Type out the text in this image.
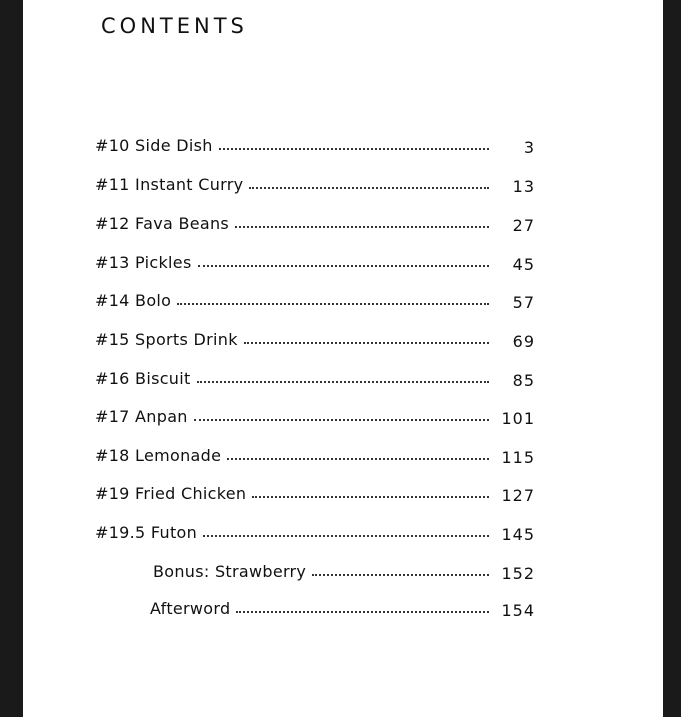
CONTENTS
#10 Side Dish	3
#11 Instant Curry	13
#12 Fava Beans	27
#13 Pickles	45
#14 Bolo	57
#15 Sports Drink	69
#16 Biscuit	85
#17 Anpan	101
#18 Lemonade	115
#19 Fried Chicken	127
#19.5 Futon	145
Bonus: Strawberry	152
Afterword	154
